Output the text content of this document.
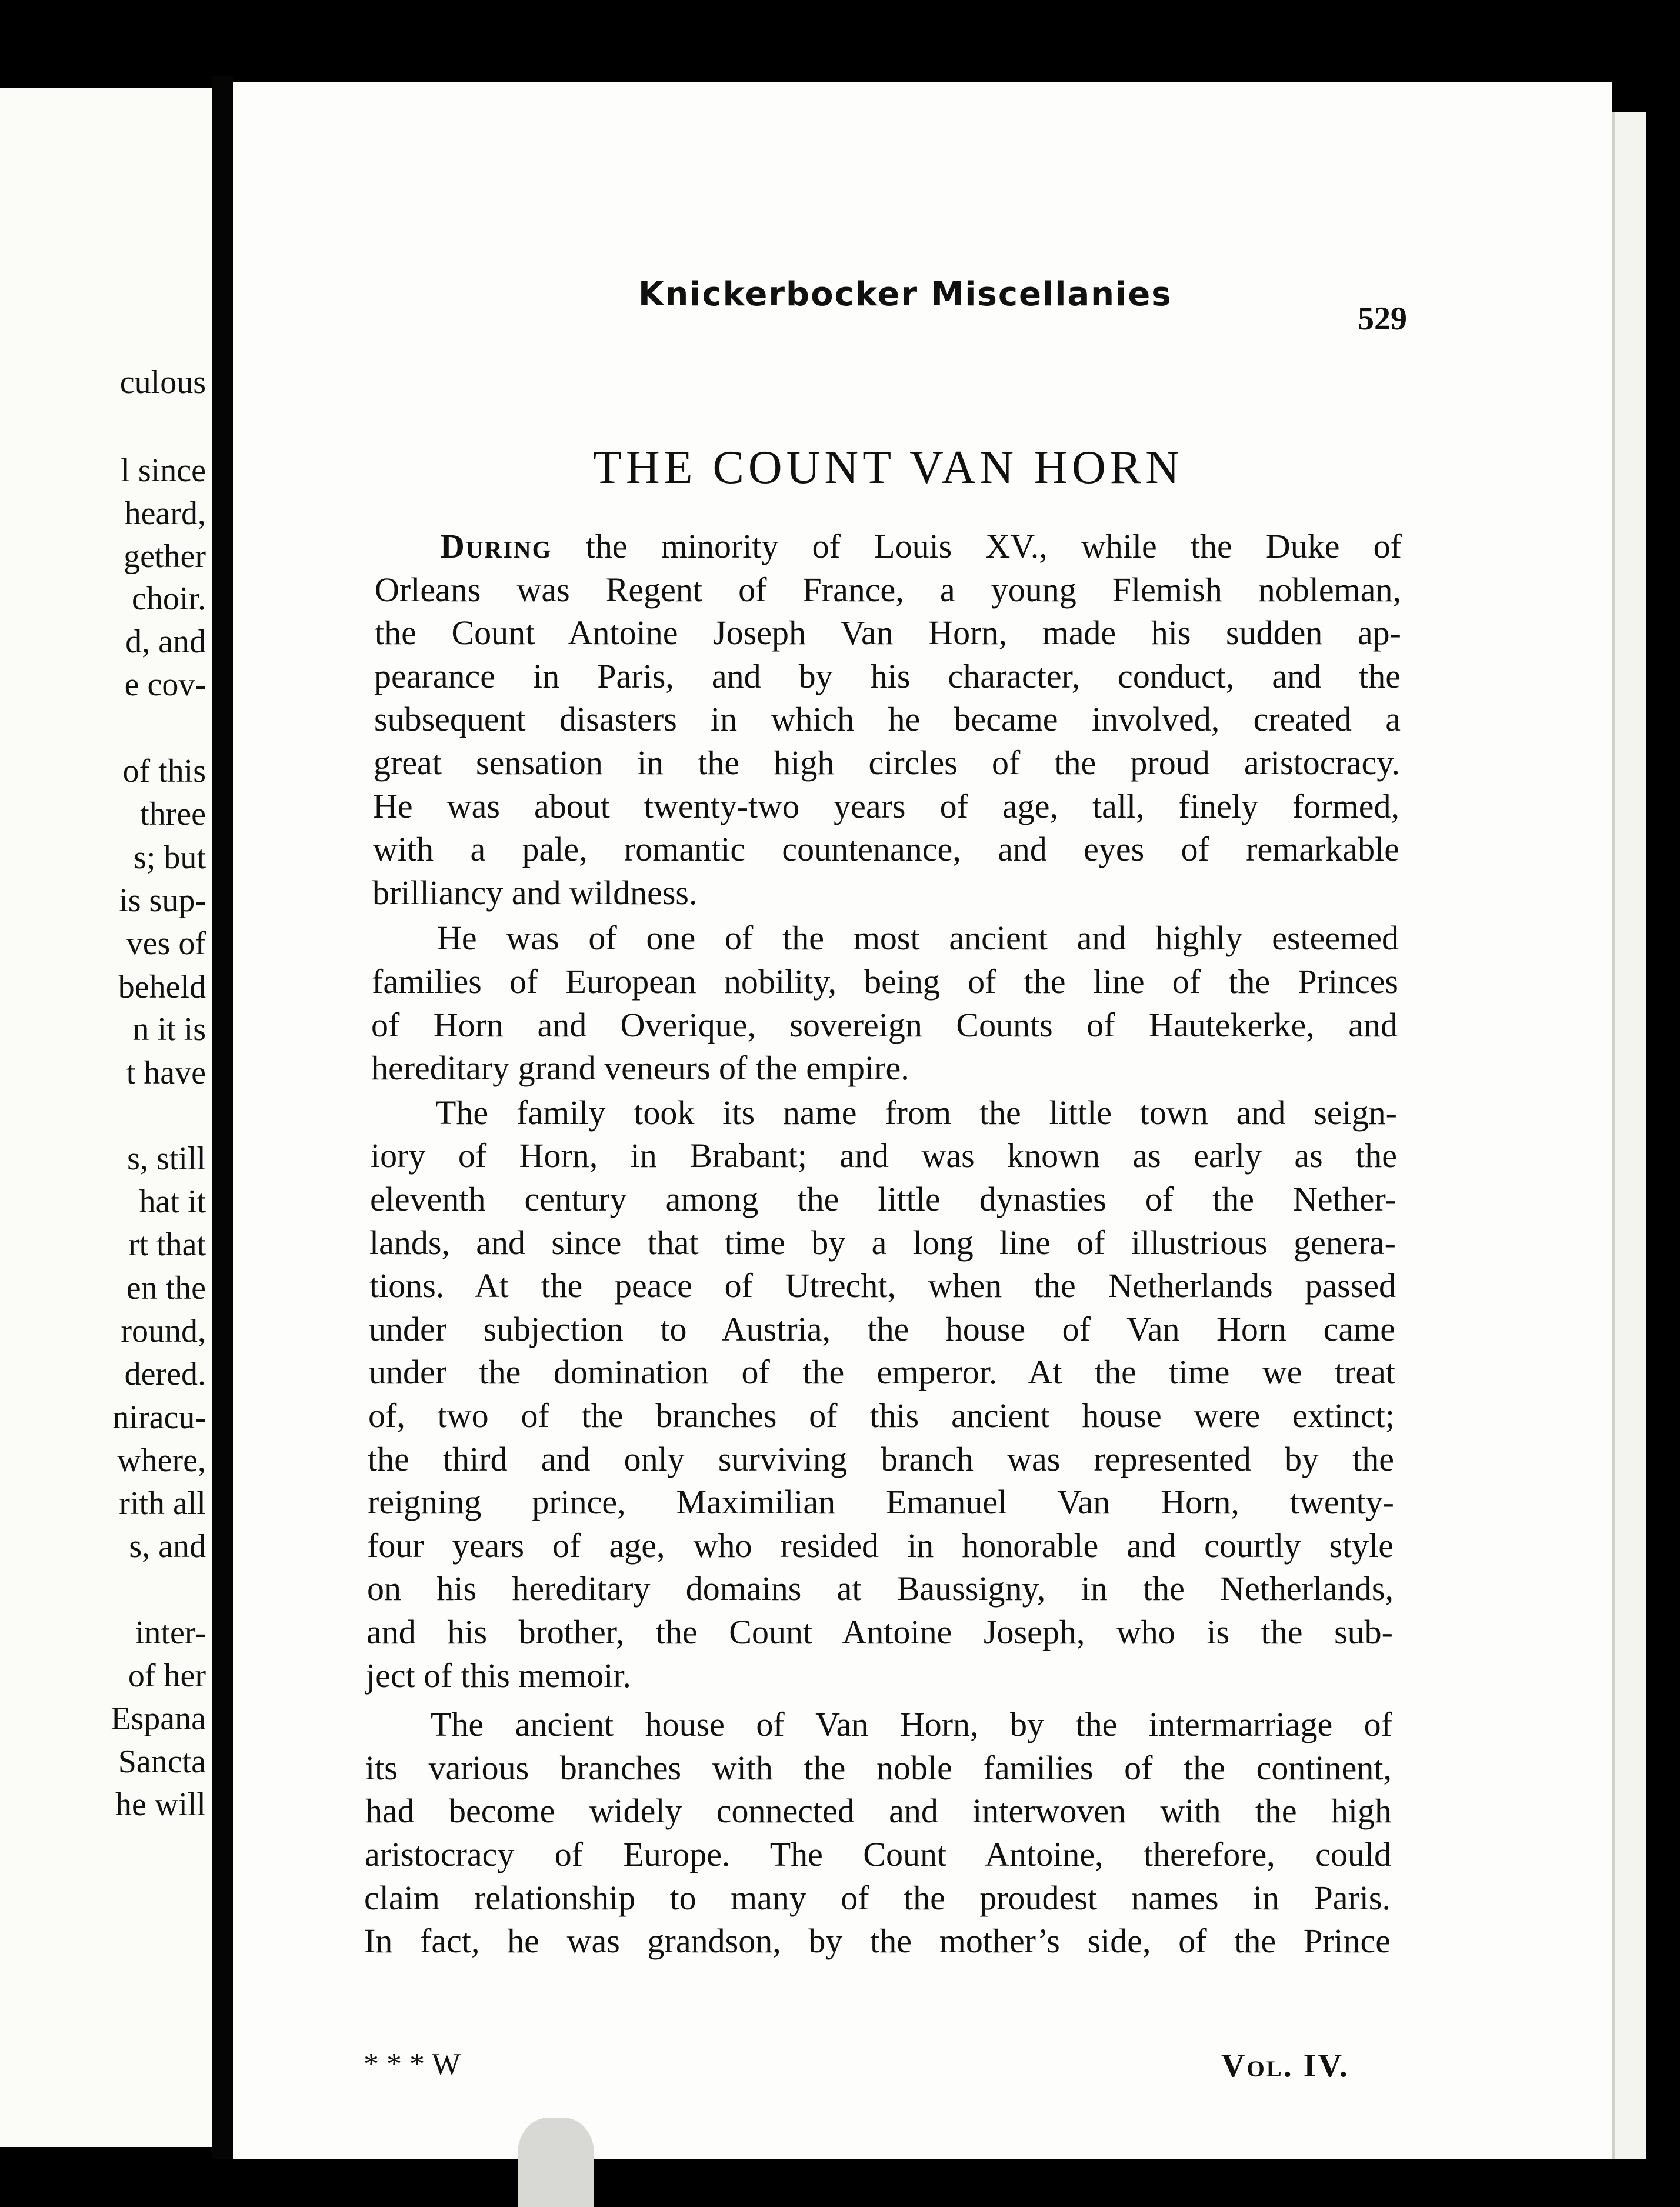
culous
l since
heard,
gether
choir.
d, and
e cov-
of this
three
s; but
is sup-
ves of
beheld
n it is
t have
s, still
hat it
rt that
en the
round,
dered.
niracu-
where,
rith all
s, and
inter-
of her
Espana
Sancta
he will
Knickerbocker Miscellanies
529
THE COUNT VAN HORN
During the minority of Louis XV., while the Duke of
Orleans was Regent of France, a young Flemish nobleman,
the Count Antoine Joseph Van Horn, made his sudden ap-
pearance in Paris, and by his character, conduct, and the
subsequent disasters in which he became involved, created a
great sensation in the high circles of the proud aristocracy.
He was about twenty-two years of age, tall, finely formed,
with a pale, romantic countenance, and eyes of remarkable
brilliancy and wildness.
He was of one of the most ancient and highly esteemed
families of European nobility, being of the line of the Princes
of Horn and Overique, sovereign Counts of Hautekerke, and
hereditary grand veneurs of the empire.
The family took its name from the little town and seign-
iory of Horn, in Brabant; and was known as early as the
eleventh century among the little dynasties of the Nether-
lands, and since that time by a long line of illustrious genera-
tions. At the peace of Utrecht, when the Netherlands passed
under subjection to Austria, the house of Van Horn came
under the domination of the emperor. At the time we treat
of, two of the branches of this ancient house were extinct;
the third and only surviving branch was represented by the
reigning prince, Maximilian Emanuel Van Horn, twenty-
four years of age, who resided in honorable and courtly style
on his hereditary domains at Baussigny, in the Netherlands,
and his brother, the Count Antoine Joseph, who is the sub-
ject of this memoir.
The ancient house of Van Horn, by the intermarriage of
its various branches with the noble families of the continent,
had become widely connected and interwoven with the high
aristocracy of Europe. The Count Antoine, therefore, could
claim relationship to many of the proudest names in Paris.
In fact, he was grandson, by the mother’s side, of the Prince
* * * W	Vol. IV.
